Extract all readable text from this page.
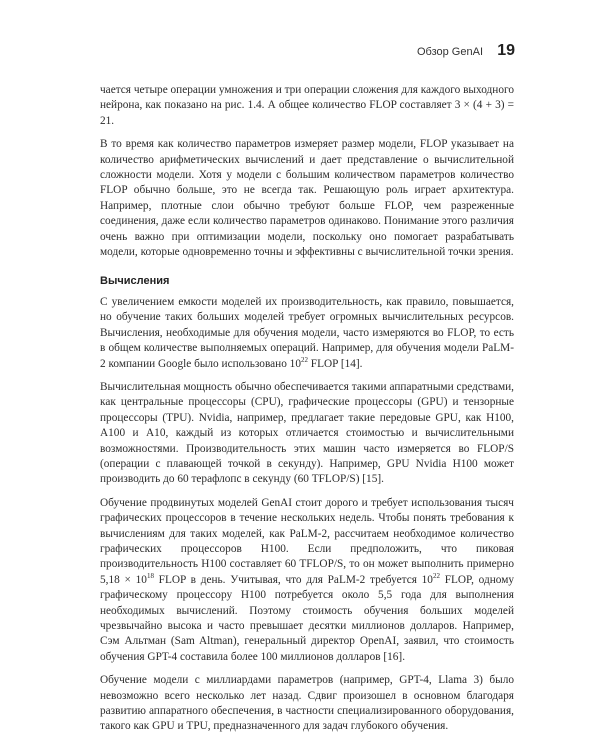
Обзор GenAI 19

чается четыре операции умножения и три операции сложения для каждого выходного нейрона, как показано на рис. 1.4. А общее количество FLOP составляет 3 × (4 + 3) = 21.

В то время как количество параметров измеряет размер модели, FLOP указывает на количество арифметических вычислений и дает представление о вычислительной сложности модели. Хотя у модели с большим количеством параметров количество FLOP обычно больше, это не всегда так. Решающую роль играет архитектура. Например, плотные слои обычно требуют больше FLOP, чем разреженные соединения, даже если количество параметров одинаково. Понимание этого различия очень важно при оптимизации модели, поскольку оно помогает разрабатывать модели, которые одновременно точны и эффективны с вычислительной точки зрения.

Вычисления

С увеличением емкости моделей их производительность, как правило, повышается, но обучение таких больших моделей требует огромных вычислительных ресурсов. Вычисления, необходимые для обучения модели, часто измеряются во FLOP, то есть в общем количестве выполняемых операций. Например, для обучения модели PaLM-2 компании Google было использовано $10^{22}$ FLOP [14].

Вычислительная мощность обычно обеспечивается такими аппаратными средствами, как центральные процессоры (CPU), графические процессоры (GPU) и тензорные процессоры (TPU). Nvidia, например, предлагает такие передовые GPU, как H100, A100 и A10, каждый из которых отличается стоимостью и вычислительными возможностями. Производительность этих машин часто измеряется во FLOP/S (операции с плавающей точкой в секунду). Например, GPU Nvidia H100 может производить до 60 терафлопс в секунду (60 TFLOP/S) [15].

Обучение продвинутых моделей GenAI стоит дорого и требует использования тысяч графических процессоров в течение нескольких недель. Чтобы понять требования к вычислениям для таких моделей, как PaLM-2, рассчитаем необходимое количество графических процессоров H100. Если предположить, что пиковая производительность H100 составляет 60 TFLOP/S, то он может выполнить примерно $5,18 \times 10^{18}$ FLOP в день. Учитывая, что для PaLM-2 требуется $10^{22}$ FLOP, одному графическому процессору H100 потребуется около 5,5 года для выполнения необходимых вычислений. Поэтому стоимость обучения больших моделей чрезвычайно высока и часто превышает десятки миллионов долларов. Например, Сэм Альтман (Sam Altman), генеральный директор OpenAI, заявил, что стоимость обучения GPT-4 составила более 100 миллионов долларов [16].

Обучение модели с миллиардами параметров (например, GPT-4, Llama 3) было невозможно всего несколько лет назад. Сдвиг произошел в основном благодаря развитию аппаратного обеспечения, в частности специализированного оборудования, такого как GPU и TPU, предназначенного для задач глубокого обучения.
